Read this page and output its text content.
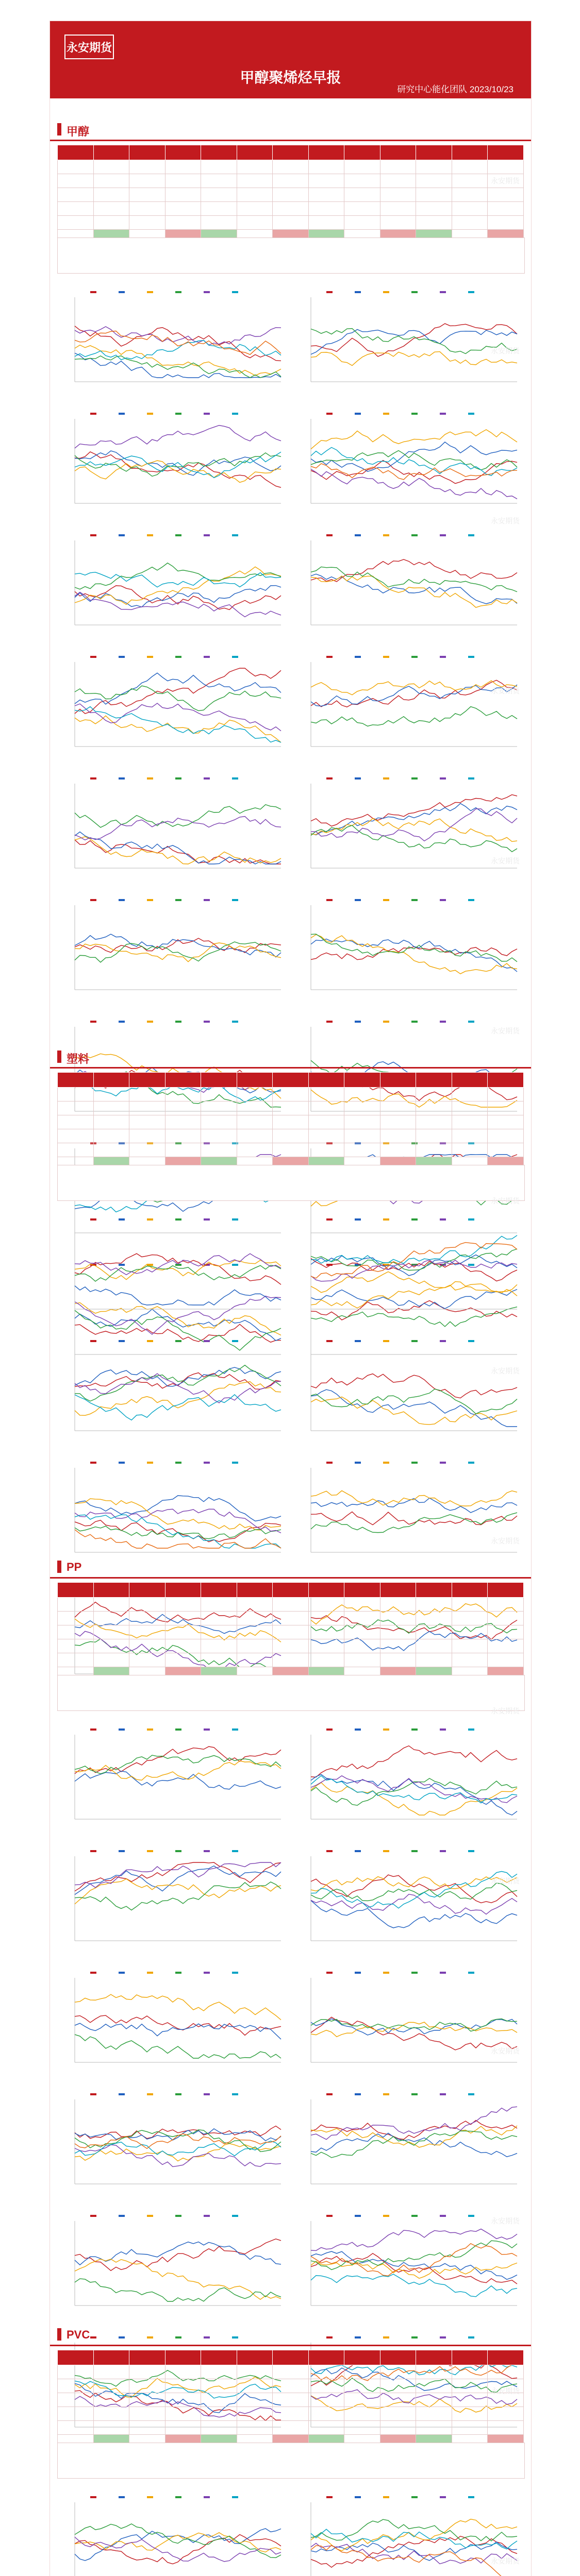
永安期货
甲醇聚烯烃早报
研究中心能化团队 2023/10/23
甲醇

塑料

PP

PVC

永安期货
永安期货
永安期货
永安期货
永安期货
永安期货
永安期货
永安期货
永安期货
永安期货
永安期货
永安期货
永安期货
永安期货
永安期货
